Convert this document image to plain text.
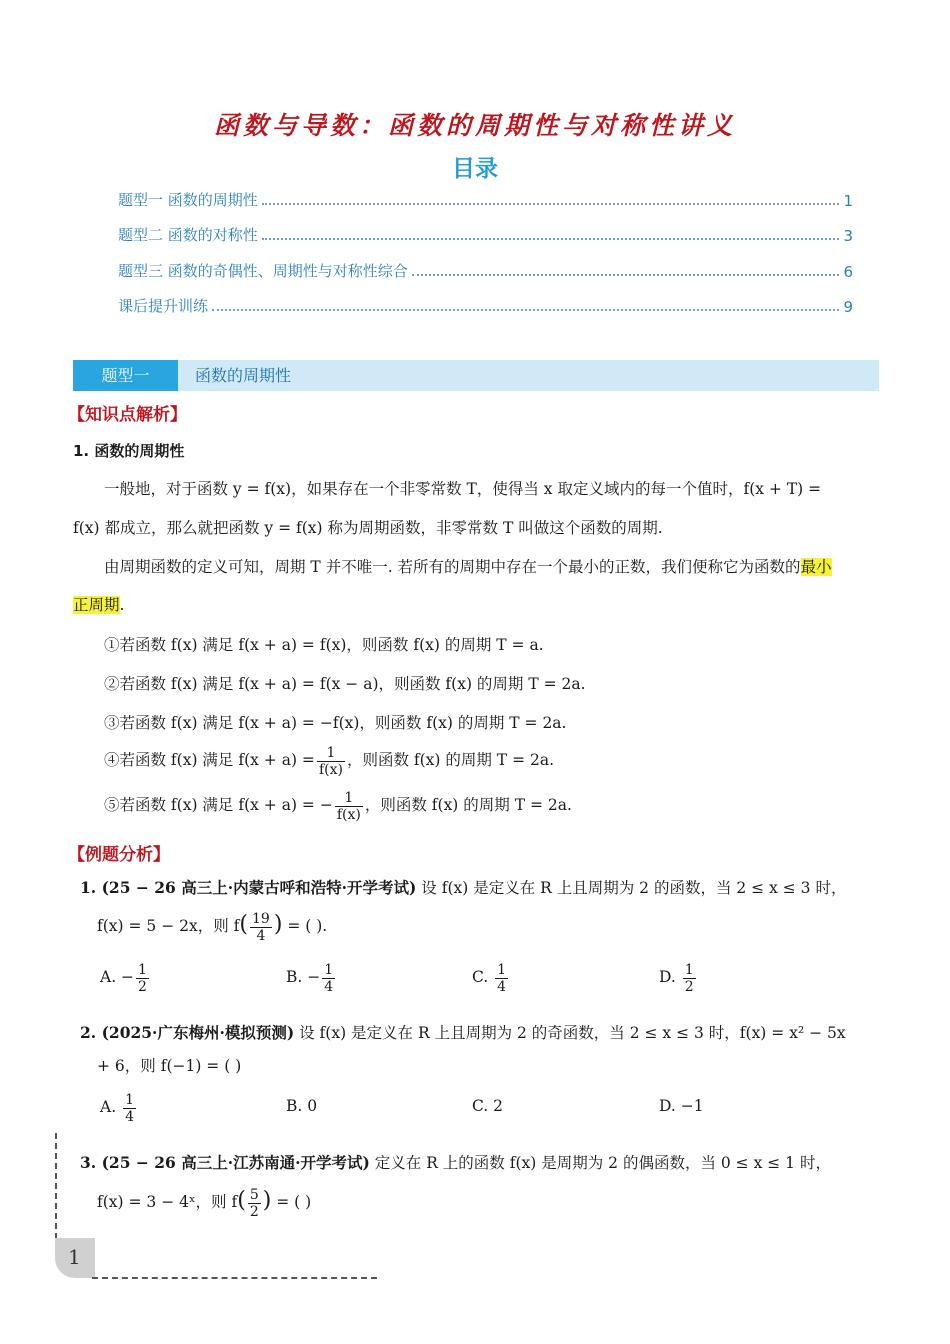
函数与导数：函数的周期性与对称性讲义
目录
题型一 函数的周期性	1
题型二 函数的对称性	3
题型三 函数的奇偶性、周期性与对称性综合	6
课后提升训练	9
题型一	函数的周期性
【知识点解析】
1. 函数的周期性
一般地，对于函数 y = f(x)，如果存在一个非零常数 T，使得当 x 取定义域内的每一个值时，f(x + T) =
f(x) 都成立，那么就把函数 y = f(x) 称为周期函数，非零常数 T 叫做这个函数的周期.
由周期函数的定义可知，周期 T 并不唯一. 若所有的周期中存在一个最小的正数，我们便称它为函数的最小
正周期.
①若函数 f(x) 满足 f(x + a) = f(x)，则函数 f(x) 的周期 T = a.
②若函数 f(x) 满足 f(x + a) = f(x − a)，则函数 f(x) 的周期 T = 2a.
③若函数 f(x) 满足 f(x + a) = −f(x)，则函数 f(x) 的周期 T = 2a.
④若函数 f(x) 满足 $f(x + a) = \frac{1}{f(x)}$ ，则函数 f(x) 的周期 T = 2a.
⑤若函数 f(x) 满足 f(x + a) = − $\frac{1}{f(x)}$ ，则函数 f(x) 的周期 T = 2a.
【例题分析】
1. (25 − 26 高三上·内蒙古呼和浩特·开学考试) 设 f(x) 是定义在 R 上且周期为 2 的函数，当 2 ≤ x ≤ 3 时，
f(x) = 5 − 2x，则 $f( \frac{19}{4}$ ) = ( ).
A. − $\frac{1}{2}$	B. − $\frac{1}{4}$	C. $\frac{1}{4}$	D. $\frac{1}{2}$
2. (2025·广东梅州·模拟预测) 设 f(x) 是定义在 R 上且周期为 2 的奇函数，当 2 ≤ x ≤ 3 时，f(x) = x² − 5x
+ 6，则 f(−1) = ( )
A. $\frac{1}{4}$	B. 0	C. 2	D. −1
3. (25 − 26 高三上·江苏南通·开学考试) 定义在 R 上的函数 f(x) 是周期为 2 的偶函数，当 0 ≤ x ≤ 1 时，
f(x) = 3 − 4ˣ，则 $f( \frac{5}{2}$ ) = ( )
1
